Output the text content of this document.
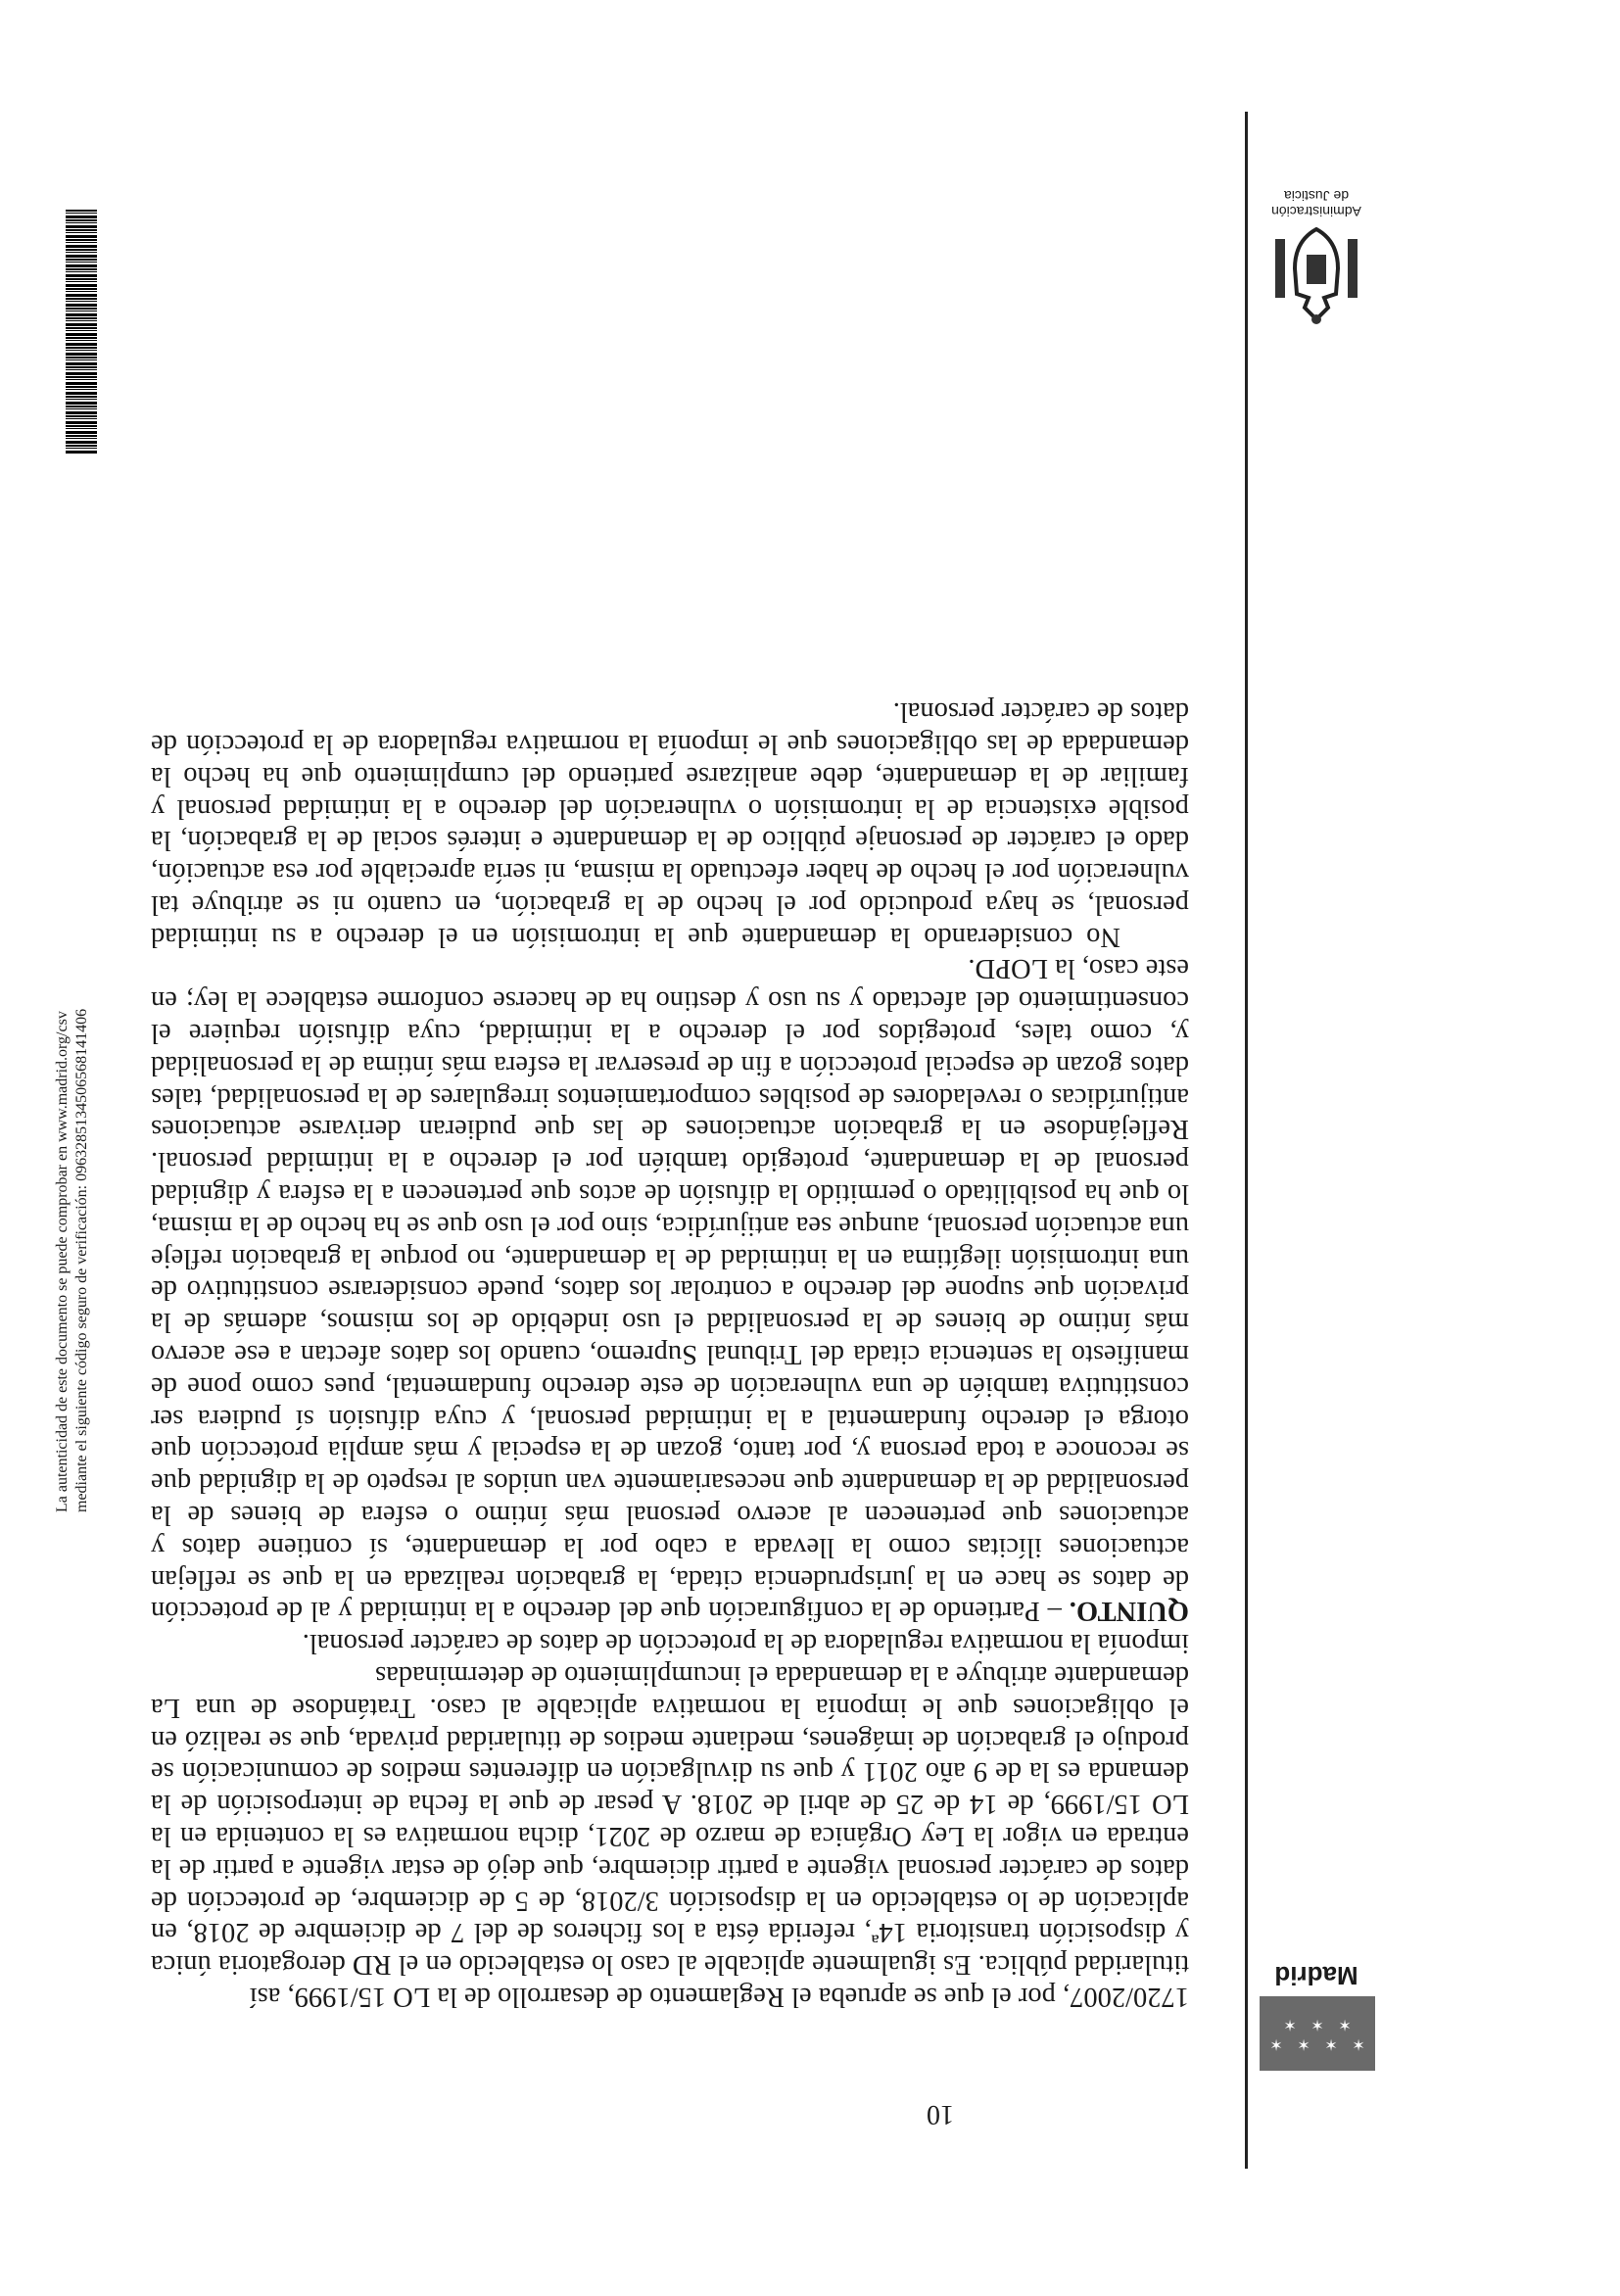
✶
✶
✶
✶
✶
✶
✶
Madrid
Administración
de Justicia
10

1720/2007, por el que se aprueba el Reglamento de desarrollo de la LO 15/1999, así

titularidad pública. Es igualmente aplicable al caso lo establecido en el RD derogatoria única y disposición transitoria 14ª, referida ésta a los ficheros de del 7 de diciembre de 2018, en aplicación de lo establecido en la disposición 3/2018, de 5 de diciembre, de protección de datos de carácter personal vigente a partir diciembre, que dejó de estar vigente a partir de la entrada en vigor la Ley Orgánica de marzo de 2021, dicha normativa es la contenida en la LO 15/1999, de 14 de 25 de abril de 2018. A pesar de que la fecha de interposición de la demanda es la de 9 año 2011 y que su divulgación en diferentes medios de comunicación se produjo el grabación de imágenes, mediante medios de titularidad privada, que se realizó en el obligaciones que le imponía la normativa aplicable al caso. Tratándose de una La demandante atribuye a la demandada el incumplimiento de determinadas

imponía la normativa reguladora de la protección de datos de carácter personal.

QUINTO. – Partiendo de la configuración que del derecho a la intimidad y al de protección de datos se hace en la jurisprudencia citada, la grabación realizada en la que se reflejan actuaciones ilícitas como la llevada a cabo por la demandante, sí contiene datos y actuaciones que pertenecen al acervo personal más íntimo o esfera de bienes de la personalidad de la demandante que necesariamente van unidos al respeto de la dignidad que se reconoce a toda persona y, por tanto, gozan de la especial y más amplia protección que otorga el derecho fundamental a la intimidad personal, y cuya difusión sí pudiera ser constitutiva también de una vulneración de este derecho fundamental, pues como pone de manifiesto la sentencia citada del Tribunal Supremo, cuando los datos afectan a ese acervo más íntimo de bienes de la personalidad el uso indebido de los mismos, además de la privación que supone del derecho a controlar los datos, puede considerarse constitutivo de una intromisión ilegítima en la intimidad de la demandante, no porque la grabación refleje una actuación personal, aunque sea antijurídica, sino por el uso que se ha hecho de la misma, lo que ha posibilitado o permitido la difusión de actos que pertenecen a la esfera y dignidad personal de la demandante, protegido también por el derecho a la intimidad personal. Reflejándose en la grabación actuaciones de las que pudieran derivarse actuaciones antijurídicas o reveladores de posibles comportamientos irregulares de la personalidad, tales datos gozan de especial protección a fin de preservar la esfera más íntima de la personalidad y, como tales, protegidos por el derecho a la intimidad, cuya difusión requiere el consentimiento del afectado y su uso y destino ha de hacerse conforme establece la ley; en este caso, la LOPD.

No considerando la demandante que la intromisión en el derecho a su intimidad personal, se haya producido por el hecho de la grabación, en cuanto ni se atribuye tal vulneración por el hecho de haber efectuado la misma, ni sería apreciable por esa actuación, dado el carácter de personaje público de la demandante e interés social de la grabación, la posible existencia de la intromisión o vulneración del derecho a la intimidad personal y familiar de la demandante, debe analizarse partiendo del cumplimiento que ha hecho la demandada de las obligaciones que le imponía la normativa reguladora de la protección de datos de carácter personal.

La autenticidad de este documento se puede comprobar en www.madrid.org/csv mediante el siguiente código seguro de verificación: 0963285134506568141406
